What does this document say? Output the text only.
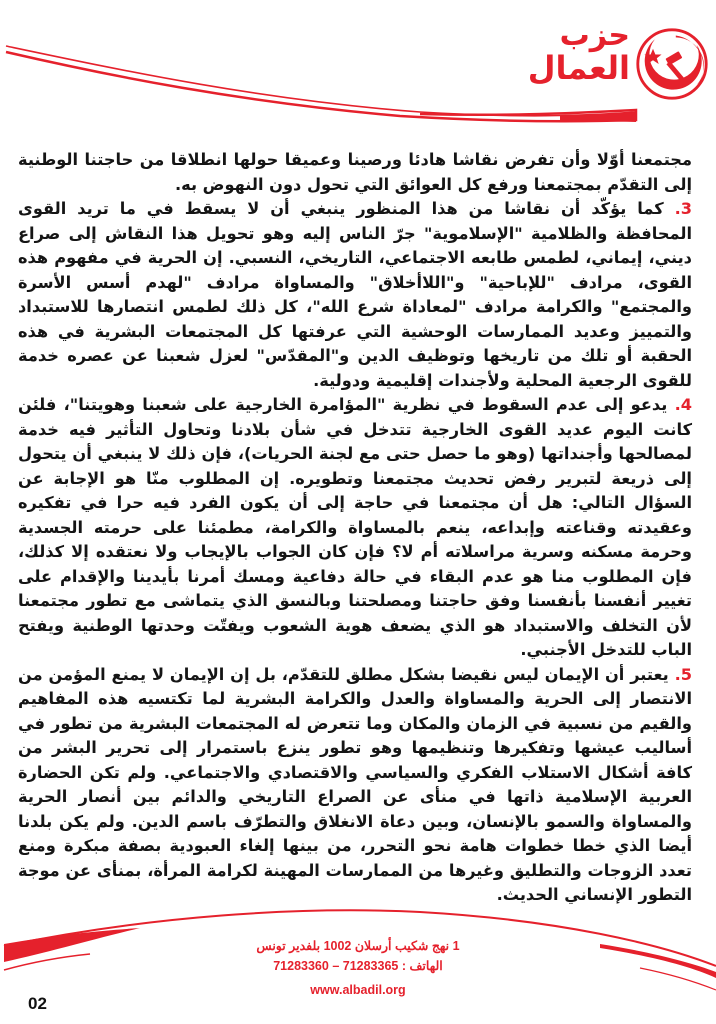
حزب
العمال

مجتمعنا أوّلا وأن تفرض نقاشا هادئا ورصينا وعميقا حولها انطلاقا من حاجتنا الوطنية إلى التقدّم بمجتمعنا ورفع كل العوائق التي تحول دون النهوض به.

3. كما يؤكّد أن نقاشا من هذا المنظور ينبغي أن لا يسقط في ما تريد القوى المحافظة والظلامية "الإسلاموية" جرّ الناس إليه وهو تحويل هذا النقاش إلى صراع ديني، إيماني، لطمس طابعه الاجتماعي، التاريخي، النسبي. إن الحرية في مفهوم هذه القوى، مرادف "للإباحية" و"اللاأخلاق" والمساواة مرادف "لهدم أسس الأسرة والمجتمع" والكرامة مرادف "لمعاداة شرع الله"، كل ذلك لطمس انتصارها للاستبداد والتمييز وعديد الممارسات الوحشية التي عرفتها كل المجتمعات البشرية في هذه الحقبة أو تلك من تاريخها وتوظيف الدين و"المقدّس" لعزل شعبنا عن عصره خدمة للقوى الرجعية المحلية ولأجندات إقليمية ودولية.

4. يدعو إلى عدم السقوط في نظرية "المؤامرة الخارجية على شعبنا وهويتنا"، فلئن كانت اليوم عديد القوى الخارجية تتدخل في شأن بلادنا وتحاول التأثير فيه خدمة لمصالحها وأجنداتها (وهو ما حصل حتى مع لجنة الحريات)، فإن ذلك لا ينبغي أن يتحول إلى ذريعة لتبرير رفض تحديث مجتمعنا وتطويره. إن المطلوب منّا هو الإجابة عن السؤال التالي: هل أن مجتمعنا في حاجة إلى أن يكون الفرد فيه حرا في تفكيره وعقيدته وقناعته وإبداعه، ينعم بالمساواة والكرامة، مطمئنا على حرمته الجسدية وحرمة مسكنه وسرية مراسلاته أم لا؟ فإن كان الجواب بالإيجاب ولا نعتقده إلا كذلك، فإن المطلوب منا هو عدم البقاء في حالة دفاعية ومسك أمرنا بأيدينا والإقدام على تغيير أنفسنا بأنفسنا وفق حاجتنا ومصلحتنا وبالنسق الذي يتماشى مع تطور مجتمعنا لأن التخلف والاستبداد هو الذي يضعف هوية الشعوب ويفتّت وحدتها الوطنية ويفتح الباب للتدخل الأجنبي.

5. يعتبر أن الإيمان ليس نقيضا بشكل مطلق للتقدّم، بل إن الإيمان لا يمنع المؤمن من الانتصار إلى الحرية والمساواة والعدل والكرامة البشرية لما تكتسيه هذه المفاهيم والقيم من نسبية في الزمان والمكان وما تتعرض له المجتمعات البشرية من تطور في أساليب عيشها وتفكيرها وتنظيمها وهو تطور ينزع باستمرار إلى تحرير البشر من كافة أشكال الاستلاب الفكري والسياسي والاقتصادي والاجتماعي. ولم تكن الحضارة العربية الإسلامية ذاتها في منأى عن الصراع التاريخي والدائم بين أنصار الحرية والمساواة والسمو بالإنسان، وبين دعاة الانغلاق والتطرّف باسم الدين. ولم يكن بلدنا أيضا الذي خطا خطوات هامة نحو التحرر، من بينها إلغاء العبودية بصفة مبكرة ومنع تعدد الزوجات والتطليق وغيرها من الممارسات المهينة لكرامة المرأة، بمنأى عن موجة التطور الإنساني الحديث.

1 نهج شكيب أرسلان 1002 بلفدير تونس
الهاتف : 71283365 – 71283360
www.albadil.org
02
